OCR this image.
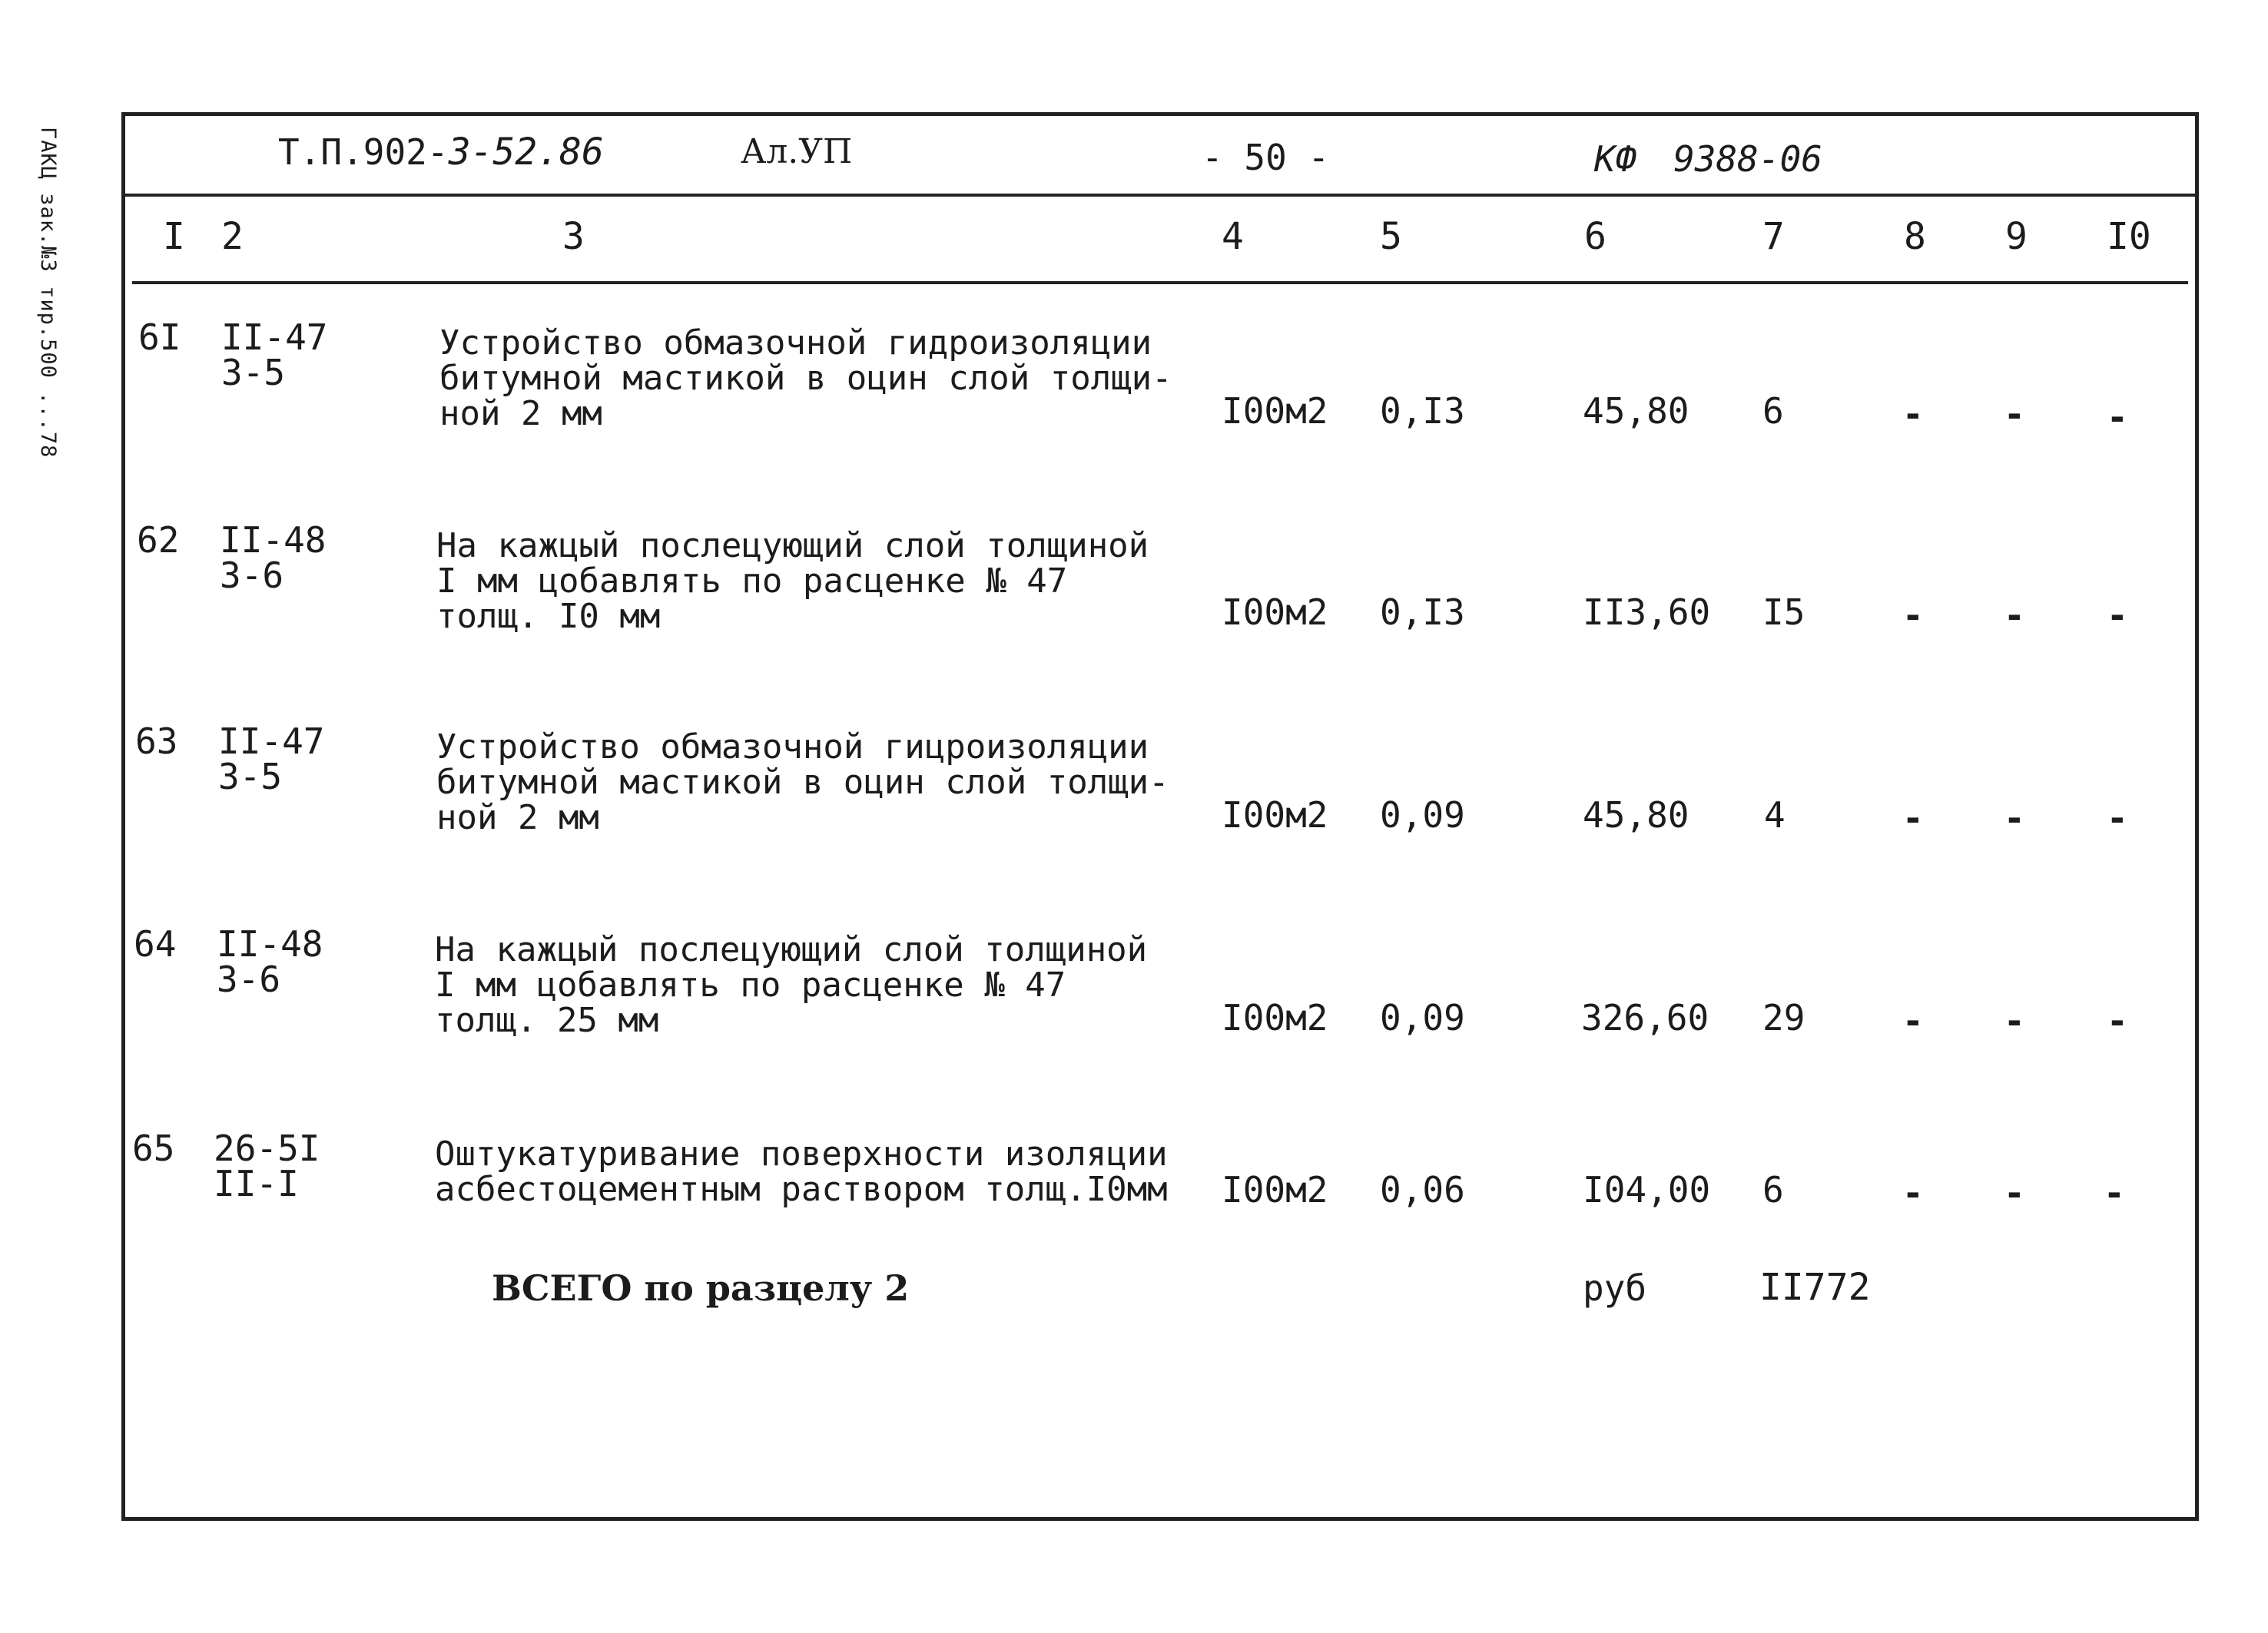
ГАКЦ зак.№3 тир.500 ...78	Т.П.902-3-52.86	Ал.УП	- 50 -	КФ 9388-06
I 2	3	4	5	6	7	8 9 I0
6I II-47
3-5
Устройство обмазочной гидроизоляции битумной мастикой в оцин слой толщи-ной 2 мм	I00м2 0,I3	45,80 6	- - -
62 II-48
3-6
На кажцый послецующий слой толщиной I мм цобавлять по расценке № 47 толщ. I0 мм	I00м2 0,I3	II3,60 I5	- - -
63 II-47
3-5
Устройство обмазочной гицроизоляции битумной мастикой в оцин слой толщи-ной 2 мм	I00м2 0,09	45,80 4	- - -
64 II-48
3-6
На кажцый послецующий слой толщиной I мм цобавлять по расценке № 47 толщ. 25 мм	I00м2 0,09	326,60 29	- - -
65 26-5I
II-I
Оштукатуривание поверхности изоляции асбестоцементным раствором толщ.I0мм	I00м2 0,06	I04,00 6	- - -
ВСЕГО по разцелу 2	руб	II772
